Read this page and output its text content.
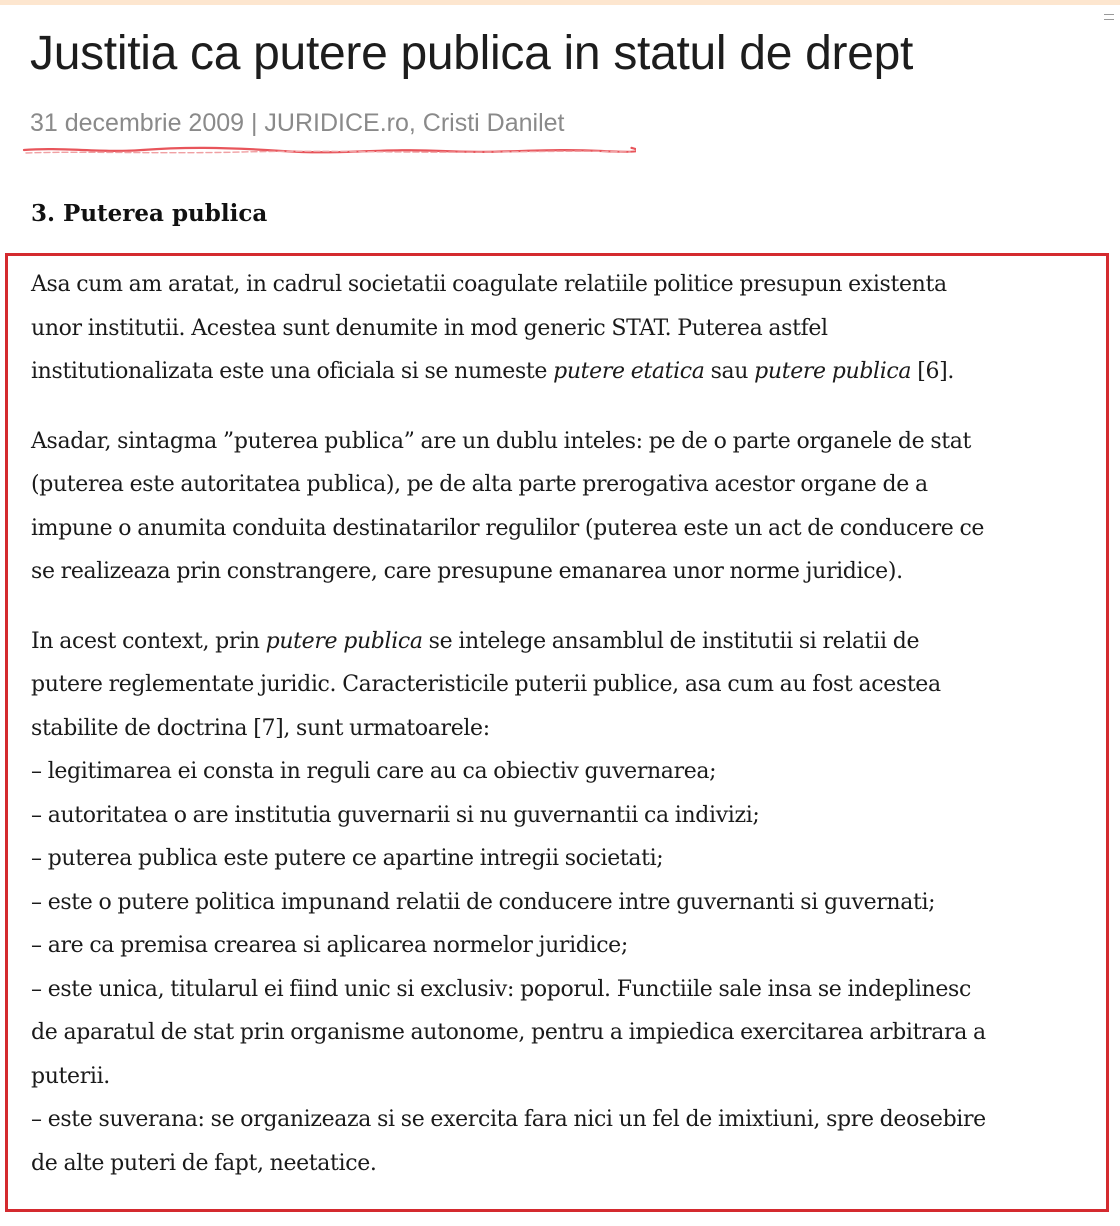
Justitia ca putere publica in statul de drept
31 decembrie 2009 | JURIDICE.ro, Cristi Danilet
3. Puterea publica

Asa cum am aratat, in cadrul societatii coagulate relatiile politice presupun existenta
unor institutii. Acestea sunt denumite in mod generic STAT. Puterea astfel
institutionalizata este una oficiala si se numeste putere etatica sau putere publica [6].

Asadar, sintagma ”puterea publica” are un dublu inteles: pe de o parte organele de stat
(puterea este autoritatea publica), pe de alta parte prerogativa acestor organe de a
impune o anumita conduita destinatarilor regulilor (puterea este un act de conducere ce
se realizeaza prin constrangere, care presupune emanarea unor norme juridice).

In acest context, prin putere publica se intelege ansamblul de institutii si relatii de
putere reglementate juridic. Caracteristicile puterii publice, asa cum au fost acestea
stabilite de doctrina [7], sunt urmatoarele:
– legitimarea ei consta in reguli care au ca obiectiv guvernarea;
– autoritatea o are institutia guvernarii si nu guvernantii ca indivizi;
– puterea publica este putere ce apartine intregii societati;
– este o putere politica impunand relatii de conducere intre guvernanti si guvernati;
– are ca premisa crearea si aplicarea normelor juridice;
– este unica, titularul ei fiind unic si exclusiv: poporul. Functiile sale insa se indeplinesc
de aparatul de stat prin organisme autonome, pentru a impiedica exercitarea arbitrara a
puterii.
– este suverana: se organizeaza si se exercita fara nici un fel de imixtiuni, spre deosebire
de alte puteri de fapt, neetatice.
